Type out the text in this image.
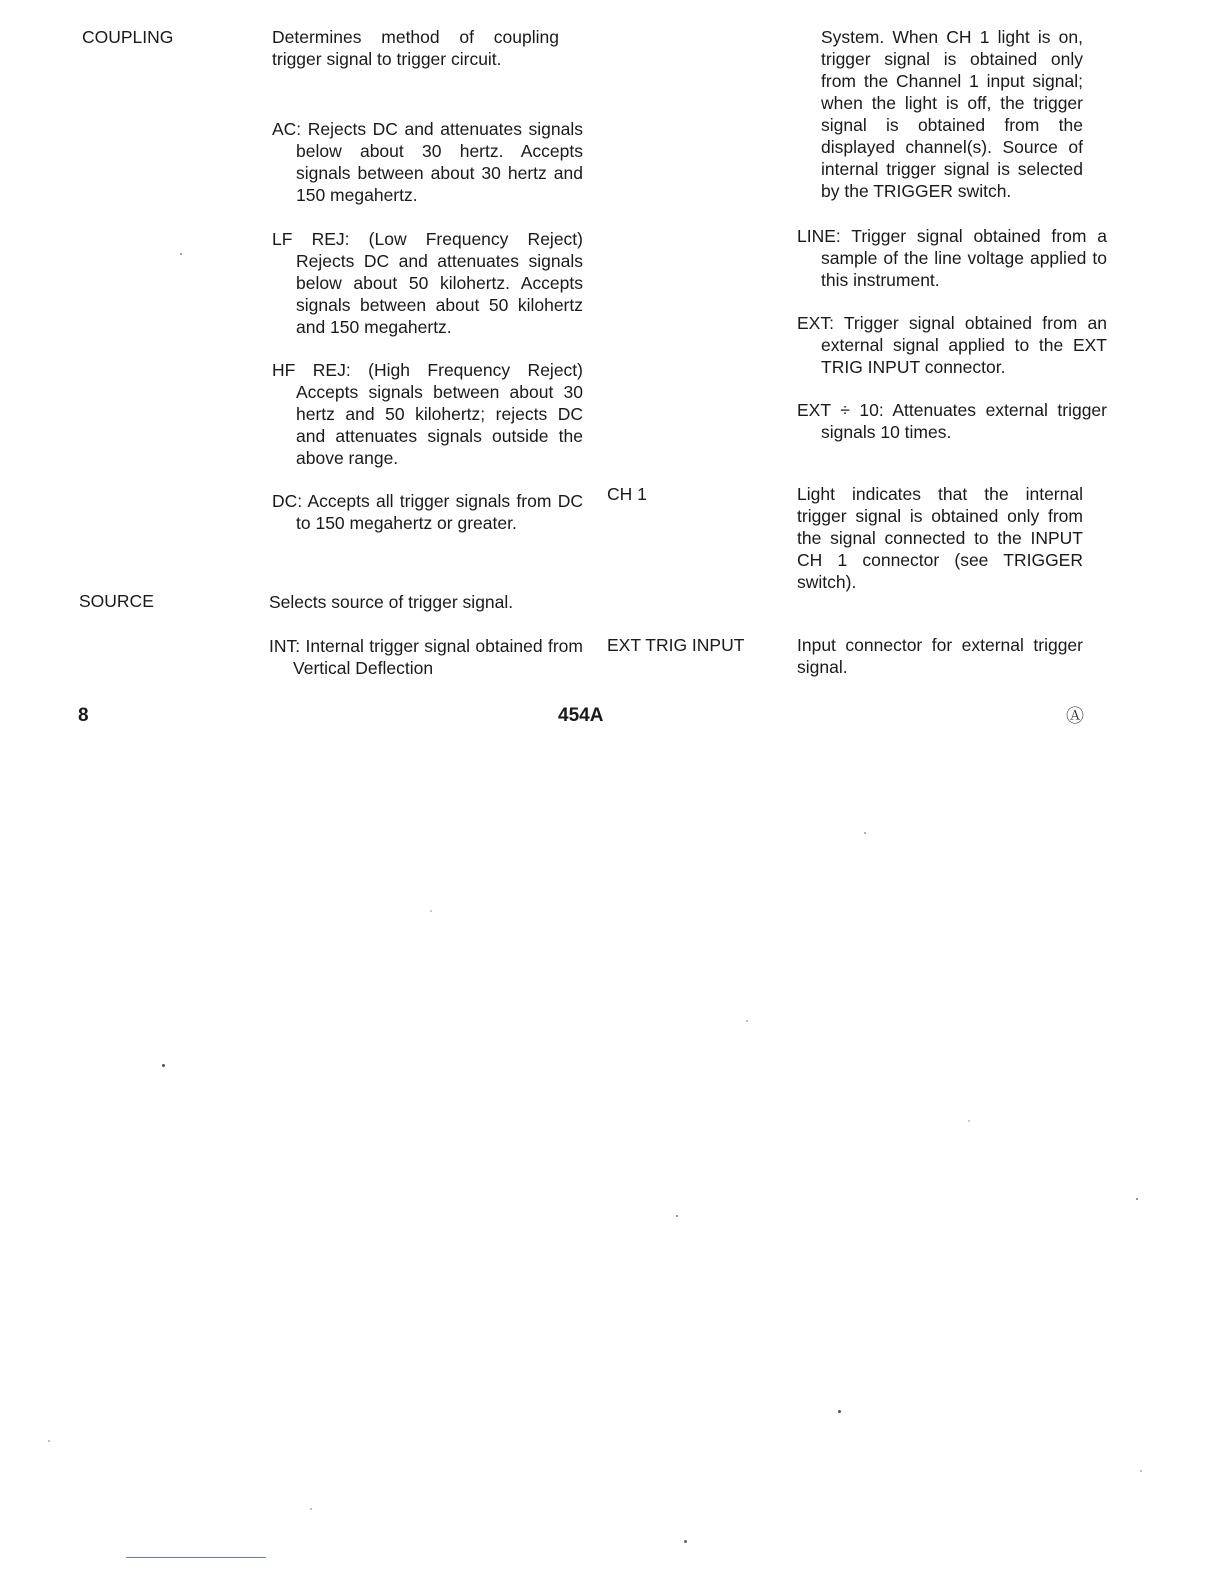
COUPLING	Determines method of coupling trigger signal to trigger circuit.

AC: Rejects DC and attenuates signals below about 30 hertz. Accepts signals between about 30 hertz and 150 megahertz.

LF REJ: (Low Frequency Reject) Rejects DC and attenuates signals below about 50 kilohertz. Accepts signals between about 50 kilohertz and 150 megahertz.

HF REJ: (High Frequency Reject) Accepts signals between about 30 hertz and 50 kilohertz; rejects DC and attenuates signals outside the above range.

DC: Accepts all trigger signals from DC to 150 megahertz or greater.

SOURCE	Selects source of trigger signal.

INT: Internal trigger signal obtained from Vertical Deflection

System. When CH 1 light is on, trigger signal is obtained only from the Channel 1 input signal; when the light is off, the trigger signal is obtained from the displayed channel(s). Source of internal trigger signal is selected by the TRIGGER switch.

LINE: Trigger signal obtained from a sample of the line voltage applied to this instrument.

EXT: Trigger signal obtained from an external signal applied to the EXT TRIG INPUT connector.

EXT ÷ 10: Attenuates external trigger signals 10 times.

CH 1	Light indicates that the internal trigger signal is obtained only from the signal connected to the INPUT CH 1 connector (see TRIGGER switch).

EXT TRIG INPUT	Input connector for external trigger signal.

8	454A	Ⓐ
